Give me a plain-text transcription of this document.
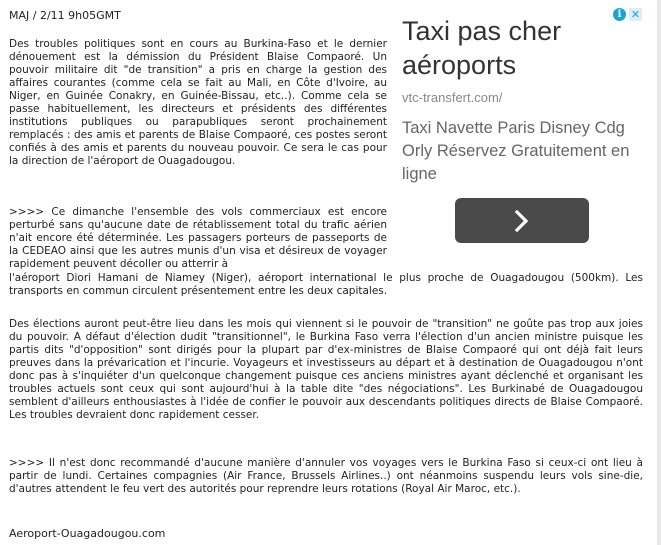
MAJ / 2/11 9h05GMT

Des troubles politiques sont en cours au Burkina-Faso et le dernier dénouement est la démission du Président Blaise Compaoré. Un pouvoir militaire dit "de transition" a pris en charge la gestion des affaires courantes (comme cela se fait au Mali, en Côte d'Ivoire, au Niger, en Guinée Conakry, en Guinée-Bissau, etc..). Comme cela se passe habituellement, les directeurs et présidents des différentes institutions publiques ou parapubliques seront prochainement remplacés : des amis et parents de Blaise Compaoré, ces postes seront confiés à des amis et parents du nouveau pouvoir. Ce sera le cas pour la direction de l'aéroport de Ouagadougou.

>>>> Ce dimanche l'ensemble des vols commerciaux est encore perturbé sans qu'aucune date de rétablissement total du trafic aérien n'ait encore été déterminée. Les passagers porteurs de passeports de la CEDEAO ainsi que les autres munis d'un visa et désireux de voyager rapidement peuvent décoller ou atterrir à

l'aéroport Diori Hamani de Niamey (Niger), aéroport international le plus proche de Ouagadougou (500km). Les transports en commun circulent présentement entre les deux capitales.

Des élections auront peut-être lieu dans les mois qui viennent si le pouvoir de "transition" ne goûte pas trop aux joies du pouvoir. A défaut d'élection dudit "transitionnel", le Burkina Faso verra l'élection d'un ancien ministre puisque les partis dits "d'opposition" sont dirigés pour la plupart par d'ex-ministres de Blaise Compaoré qui ont déjà fait leurs preuves dans la prévarication et l'incurie. Voyageurs et investisseurs au départ et à destination de Ouagadougou n'ont donc pas à s'inquiéter d'un quelconque changement puisque ces anciens ministres ayant déclenché et organisant les troubles actuels sont ceux qui sont aujourd'hui à la table dite "des négociations". Les Burkinabé de Ouagadougou semblent d'ailleurs enthousiastes à l'idée de confier le pouvoir aux descendants politiques directs de Blaise Compaoré. Les troubles devraient donc rapidement cesser.

>>>> Il n'est donc recommandé d'aucune manière d'annuler vos voyages vers le Burkina Faso si ceux-ci ont lieu à partir de lundi. Certaines compagnies (Air France, Brussels Airlines..) ont néanmoins suspendu leurs vols sine-die, d'autres attendent le feu vert des autorités pour reprendre leurs rotations (Royal Air Maroc, etc.).

Aeroport-Ouagadougou.com
i ✕
Taxi pas cher aéroports
vtc-transfert.com/
Taxi Navette Paris Disney Cdg Orly Réservez Gratuitement en ligne
